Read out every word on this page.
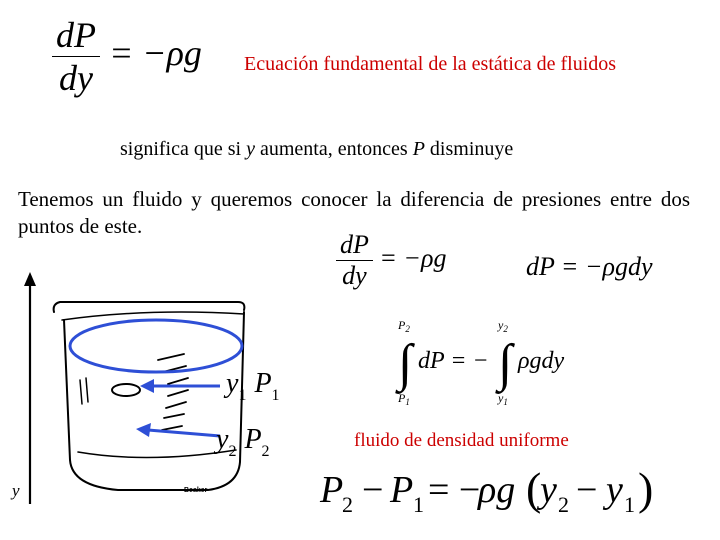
$\frac{dP}{dy} = -\rho g$ Ecuación fundamental de la estática de fluidos
significa que si y aumenta, entonces P disminuye
Tenemos un fluido y queremos conocer la diferencia de presiones entre dos puntos de este.
$\frac{dP}{dy} = -\rho g$	dP = −ρgdy
$P_2$
∫
$P_1$
dP = −
$y_2$
∫
$y_1$
ρgdy
fluido de densidad uniforme
P
2 − P 1 = −
ρg (
y 2 − y 1 )
y	Beaker
$y_1$ $P_1$
$y_2$ $P_2$
